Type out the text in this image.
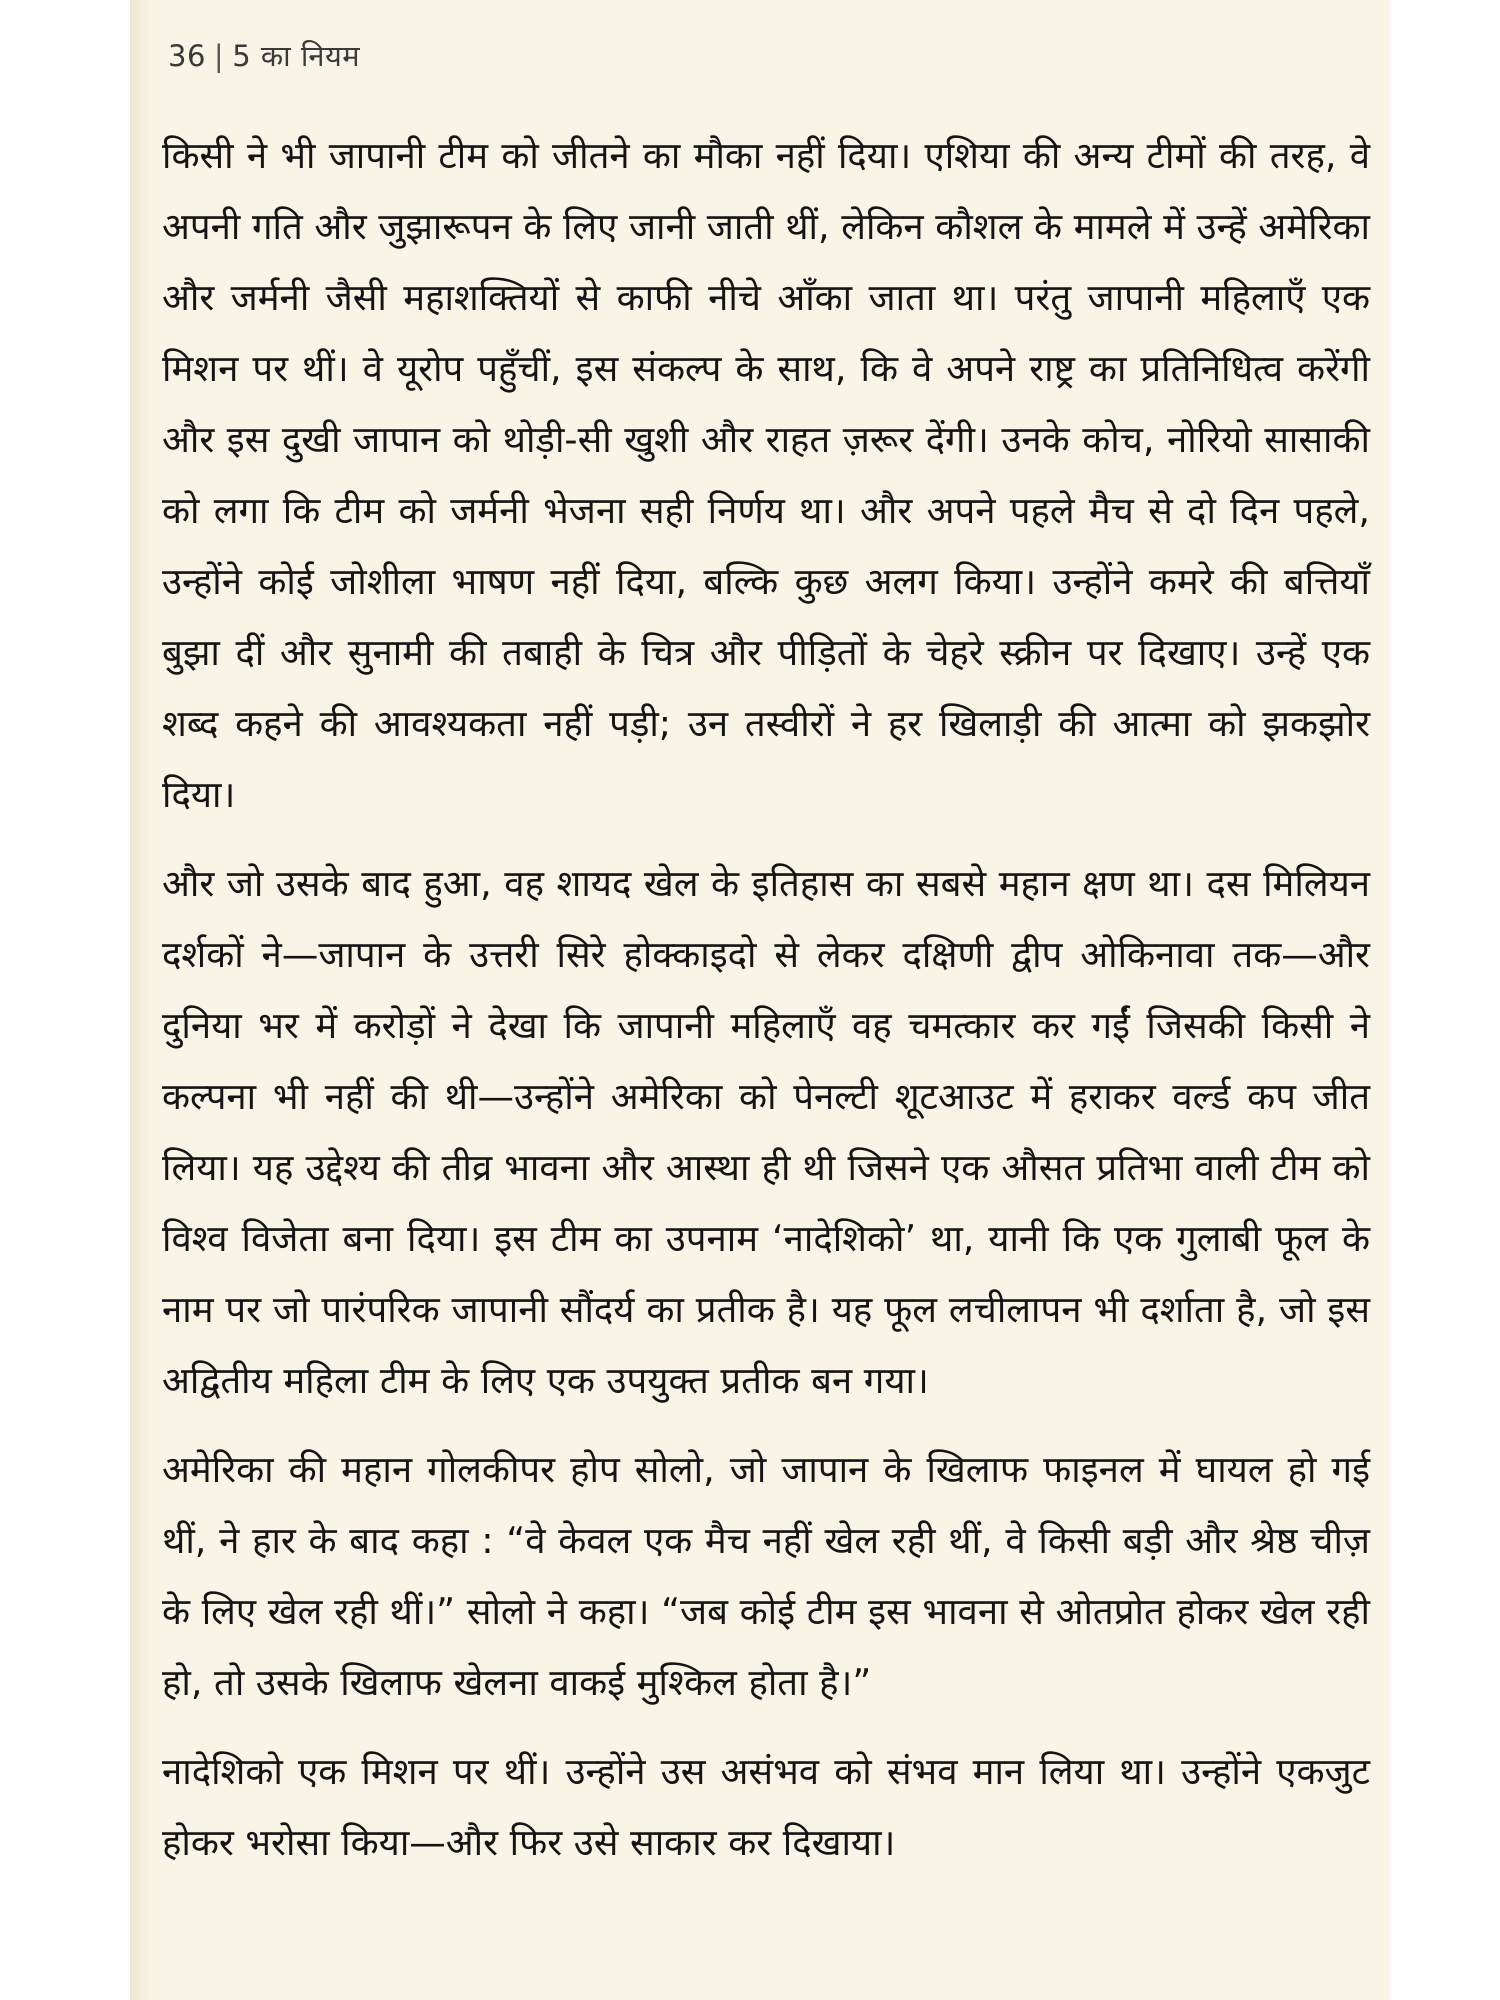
36 | 5 का नियम

किसी ने भी जापानी टीम को जीतने का मौका नहीं दिया। एशिया की अन्य टीमों की तरह, वे अपनी गति और जुझारूपन के लिए जानी जाती थीं, लेकिन कौशल के मामले में उन्हें अमेरिका और जर्मनी जैसी महाशक्तियों से काफी नीचे आँका जाता था। परंतु जापानी महिलाएँ एक मिशन पर थीं। वे यूरोप पहुँचीं, इस संकल्प के साथ, कि वे अपने राष्ट्र का प्रतिनिधित्व करेंगी और इस दुखी जापान को थोड़ी-सी खुशी और राहत ज़रूर देंगी। उनके कोच, नोरियो सासाकी को लगा कि टीम को जर्मनी भेजना सही निर्णय था। और अपने पहले मैच से दो दिन पहले, उन्होंने कोई जोशीला भाषण नहीं दिया, बल्कि कुछ अलग किया। उन्होंने कमरे की बत्तियाँ बुझा दीं और सुनामी की तबाही के चित्र और पीड़ितों के चेहरे स्क्रीन पर दिखाए। उन्हें एक शब्द कहने की आवश्यकता नहीं पड़ी; उन तस्वीरों ने हर खिलाड़ी की आत्मा को झकझोर दिया।

और जो उसके बाद हुआ, वह शायद खेल के इतिहास का सबसे महान क्षण था। दस मिलियन दर्शकों ने—जापान के उत्तरी सिरे होक्काइदो से लेकर दक्षिणी द्वीप ओकिनावा तक—और दुनिया भर में करोड़ों ने देखा कि जापानी महिलाएँ वह चमत्कार कर गईं जिसकी किसी ने कल्पना भी नहीं की थी—उन्होंने अमेरिका को पेनल्टी शूटआउट में हराकर वर्ल्ड कप जीत लिया। यह उद्देश्य की तीव्र भावना और आस्था ही थी जिसने एक औसत प्रतिभा वाली टीम को विश्व विजेता बना दिया। इस टीम का उपनाम ‘नादेशिको’ था, यानी कि एक गुलाबी फूल के नाम पर जो पारंपरिक जापानी सौंदर्य का प्रतीक है। यह फूल लचीलापन भी दर्शाता है, जो इस अद्वितीय महिला टीम के लिए एक उपयुक्त प्रतीक बन गया।

अमेरिका की महान गोलकीपर होप सोलो, जो जापान के खिलाफ फाइनल में घायल हो गई थीं, ने हार के बाद कहा : “वे केवल एक मैच नहीं खेल रही थीं, वे किसी बड़ी और श्रेष्ठ चीज़ के लिए खेल रही थीं।” सोलो ने कहा। “जब कोई टीम इस भावना से ओतप्रोत होकर खेल रही हो, तो उसके खिलाफ खेलना वाकई मुश्किल होता है।”

नादेशिको एक मिशन पर थीं। उन्होंने उस असंभव को संभव मान लिया था। उन्होंने एकजुट होकर भरोसा किया—और फिर उसे साकार कर दिखाया।
